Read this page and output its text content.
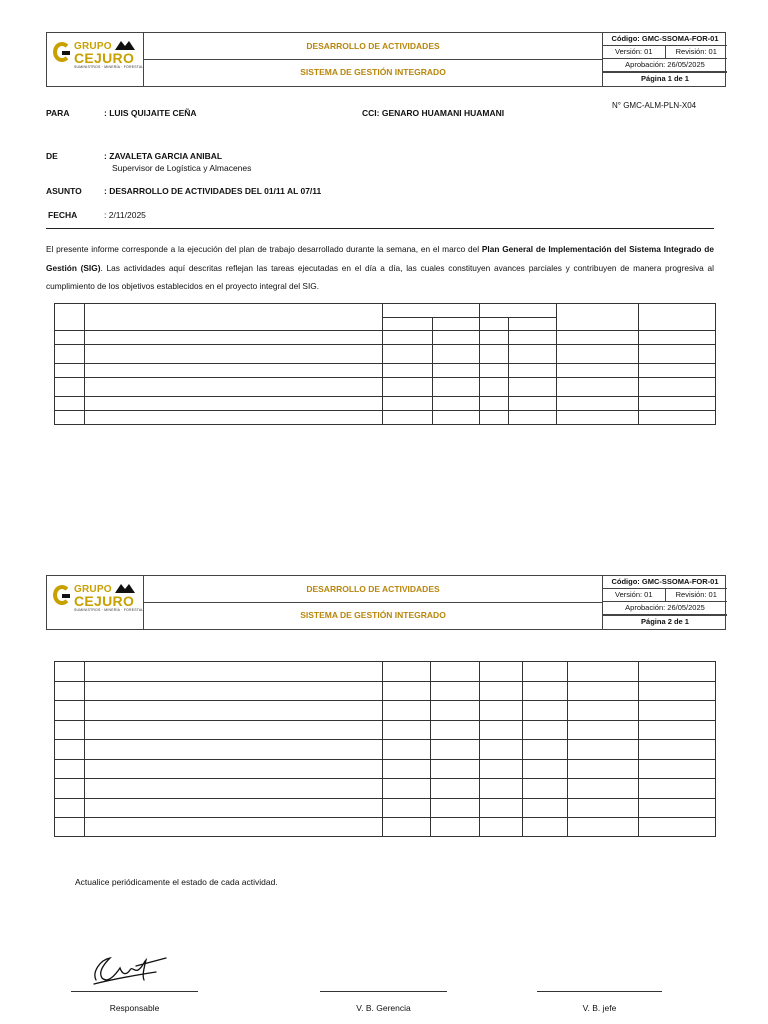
GRUPO
CEJURO
SUMINISTROS · MINERÍA · FORESTAL
DESARROLLO DE ACTIVIDADES
SISTEMA DE GESTIÓN INTEGRADO
Código: GMC-SSOMA-FOR-01
Versión: 01	Revisión: 01
Aprobación: 26/05/2025
Página 1 de 1
N° GMC-ALM-PLN-X04
PARA	: LUIS QUIJAITE CEÑA	CCI: GENARO HUAMANI HUAMANI
DE	: ZAVALETA GARCIA ANIBAL
Supervisor de Logística y Almacenes
ASUNTO	: DESARROLLO DE ACTIVIDADES DEL 01/11 AL 07/11
FECHA	: 2/11/2025
El presente informe corresponde a la ejecución del plan de trabajo desarrollado durante la semana, en el marco del Plan General de Implementación del Sistema Integrado de Gestión (SIG). Las actividades aquí descritas reflejan las tareas ejecutadas en el día a día, las cuales constituyen avances parciales y contribuyen de manera progresiva al cumplimiento de los objetivos establecidos en el proyecto integral del SIG.

GRUPO
CEJURO
SUMINISTROS · MINERÍA · FORESTAL
DESARROLLO DE ACTIVIDADES
SISTEMA DE GESTIÓN INTEGRADO
Código: GMC-SSOMA-FOR-01
Versión: 01	Revisión: 01
Aprobación: 26/05/2025
Página 2 de 1

Actualice periódicamente el estado de cada actividad.
Responsable	V. B. Gerencia	V. B. jefe
